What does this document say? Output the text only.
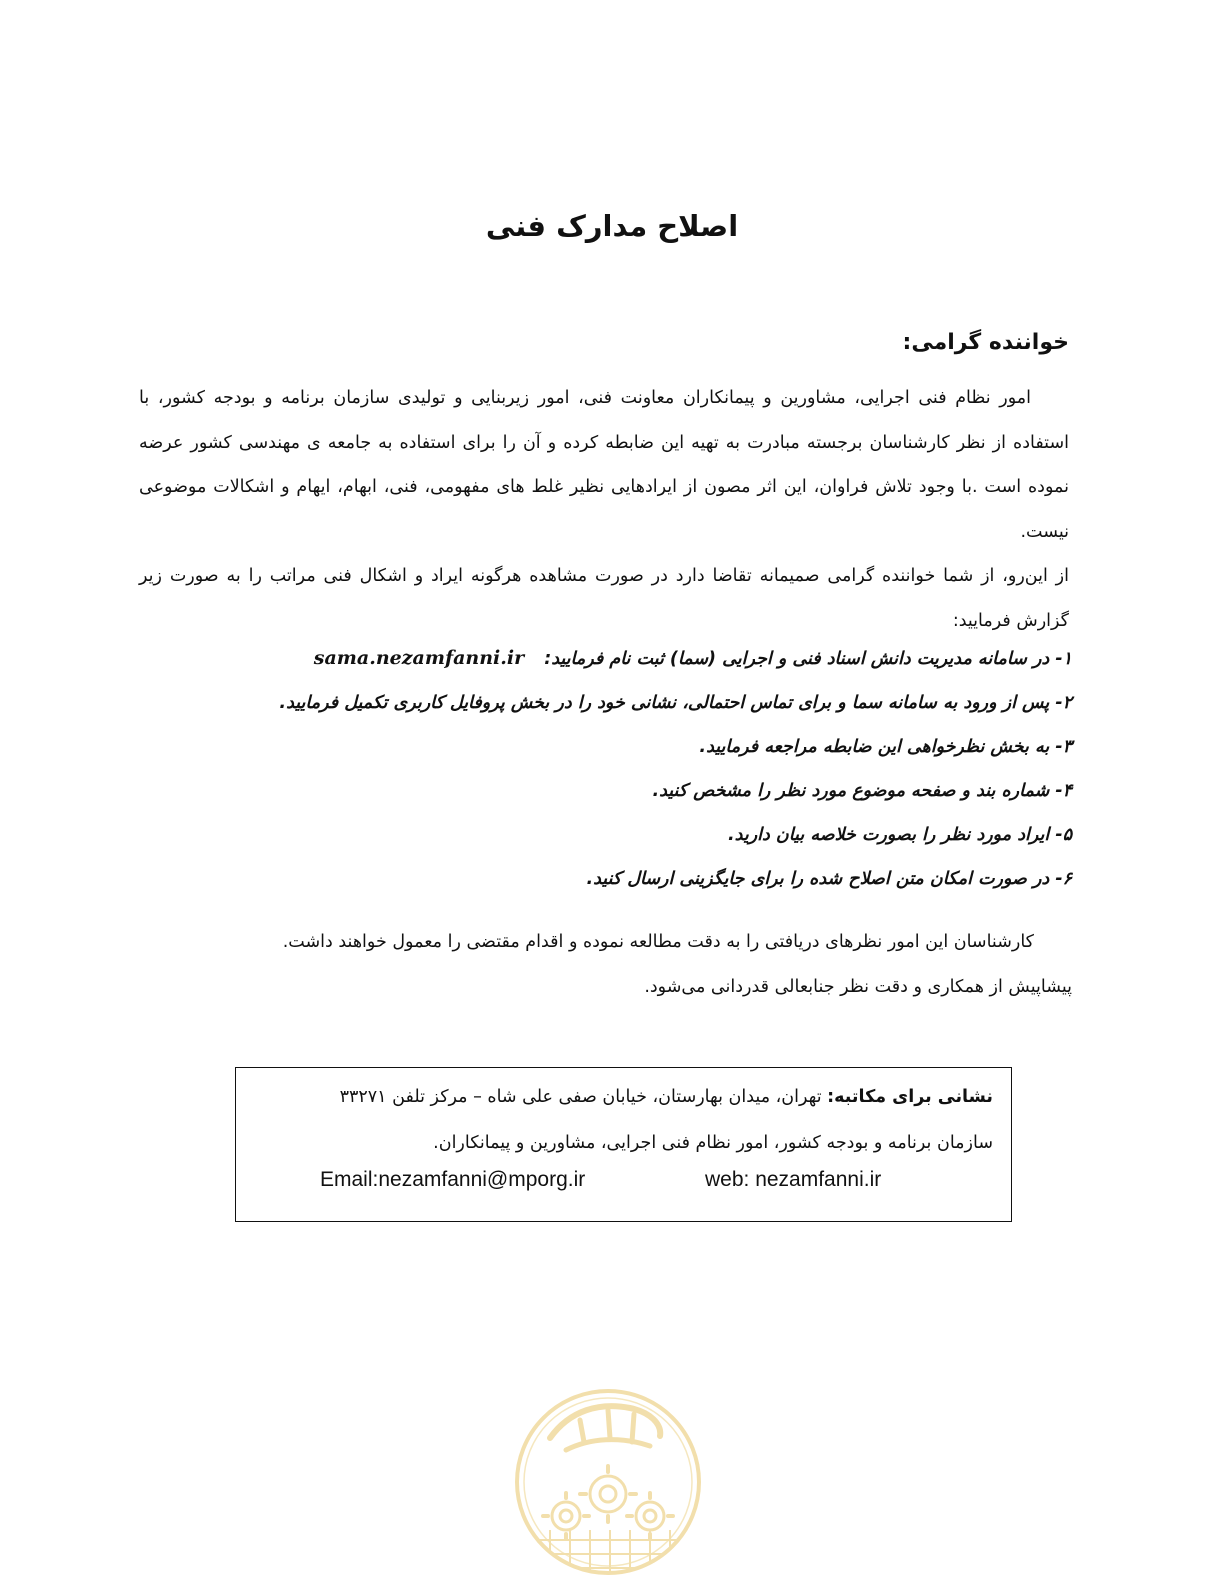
اصلاح مدارک فنی
خواننده گرامی:

امور نظام فنی اجرایی، مشاورین و پیمانکاران معاونت فنی، امور زیربنایی و تولیدی سازمان برنامه و بودجه کشور، با استفاده از نظر کارشناسان برجسته مبادرت به تهیه این ضابطه کرده و آن را برای استفاده به جامعه ی مهندسی کشور عرضه نموده است .با وجود تلاش فراوان، این اثر مصون از ایرادهایی نظیر غلط های مفهومی، فنی، ابهام، ایهام و اشکالات موضوعی نیست.

از این‌رو، از شما خواننده گرامی صمیمانه تقاضا دارد در صورت مشاهده هرگونه ایراد و اشکال فنی مراتب را به صورت زیر گزارش فرمایید:

۱- در سامانه مدیریت دانش اسناد فنی و اجرایی (سما) ثبت نام فرمایید: sama.nezamfanni.ir
۲- پس از ورود به سامانه سما و برای تماس احتمالی، نشانی خود را در بخش پروفایل کاربری تکمیل فرمایید.
۳- به بخش نظرخواهی این ضابطه مراجعه فرمایید.
۴- شماره بند و صفحه موضوع مورد نظر را مشخص کنید.
۵- ایراد مورد نظر را بصورت خلاصه بیان دارید.
۶- در صورت امکان متن اصلاح شده را برای جایگزینی ارسال کنید.

کارشناسان این امور نظرهای دریافتی را به دقت مطالعه نموده و اقدام مقتضی را معمول خواهند داشت.

پیشاپیش از همکاری و دقت نظر جنابعالی قدردانی می‌شود.

نشانی برای مکاتبه: تهران، میدان بهارستان، خیابان صفی علی شاه – مرکز تلفن ۳۳۲۷۱
سازمان برنامه و بودجه کشور، امور نظام فنی اجرایی، مشاورین و پیمانکاران.
Email:nezamfanni@mporg.ir	web: nezamfanni.ir
